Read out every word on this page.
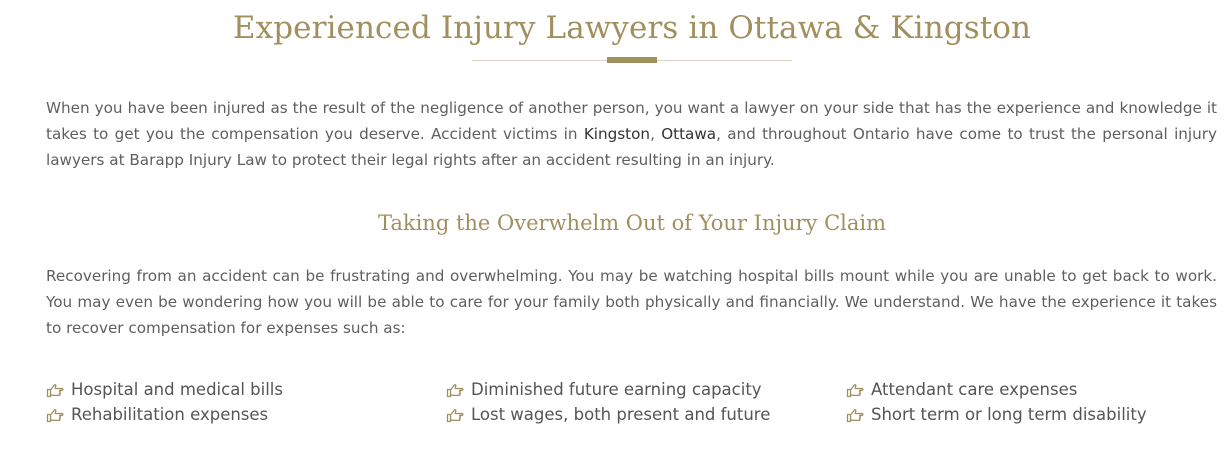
Experienced Injury Lawyers in Ottawa & Kingston

When you have been injured as the result of the negligence of another person, you want a lawyer on your side that has the experience and knowledge it takes to get you the compensation you deserve. Accident victims in Kingston, Ottawa, and throughout Ontario have come to trust the personal injury lawyers at Barapp Injury Law to protect their legal rights after an accident resulting in an injury.

Taking the Overwhelm Out of Your Injury Claim

Recovering from an accident can be frustrating and overwhelming. You may be watching hospital bills mount while you are unable to get back to work. You may even be wondering how you will be able to care for your family both physically and financially. We understand. We have the experience it takes to recover compensation for expenses such as:

Hospital and medical bills	Diminished future earning capacity	Attendant care expenses
Rehabilitation expenses	Lost wages, both present and future	Short term or long term disability
